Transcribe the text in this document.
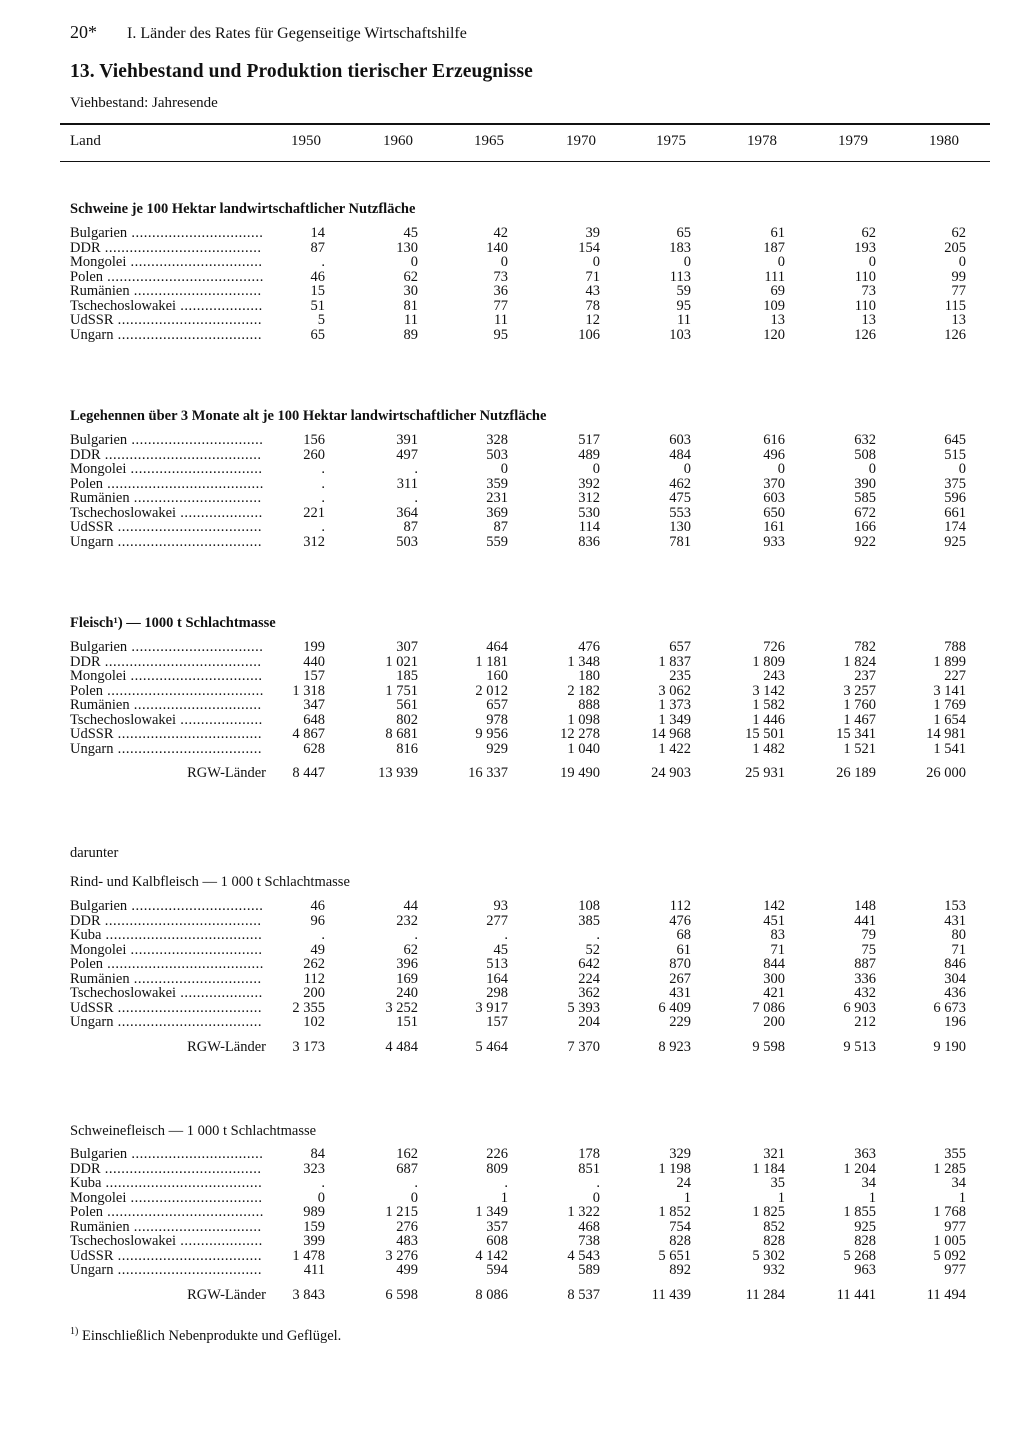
20* I. Länder des Rates für Gegenseitige Wirtschaftshilfe
13. Viehbestand und Produktion tierischer Erzeugnisse
Viehbestand: Jahresende
Land	1950	1960	1965	1970	1975	1978	1979	1980
Schweine je 100 Hektar landwirtschaftlicher Nutzfläche
Bulgarien ................................	14	45	42	39	65	61	62	62
DDR ......................................	87	130	140	154	183	187	193	205
Mongolei ................................	.	0	0	0	0	0	0	0
Polen ......................................	46	62	73	71	113	111	110	99
Rumänien ...............................	15	30	36	43	59	69	73	77
Tschechoslowakei ....................	51	81	77	78	95	109	110	115
UdSSR ...................................	5	11	11	12	11	13	13	13
Ungarn ...................................	65	89	95	106	103	120	126	126
Legehennen über 3 Monate alt je 100 Hektar landwirtschaftlicher Nutzfläche
Bulgarien ................................	156	391	328	517	603	616	632	645
DDR ......................................	260	497	503	489	484	496	508	515
Mongolei ................................	.	.	0	0	0	0	0	0
Polen ......................................	.	311	359	392	462	370	390	375
Rumänien ...............................	.	.	231	312	475	603	585	596
Tschechoslowakei ....................	221	364	369	530	553	650	672	661
UdSSR ...................................	.	87	87	114	130	161	166	174
Ungarn ...................................	312	503	559	836	781	933	922	925
Fleisch¹) — 1000 t Schlachtmasse
Bulgarien ................................	199	307	464	476	657	726	782	788
DDR ......................................	440	1 021	1 181	1 348	1 837	1 809	1 824	1 899
Mongolei ................................	157	185	160	180	235	243	237	227
Polen ......................................	1 318	1 751	2 012	2 182	3 062	3 142	3 257	3 141
Rumänien ...............................	347	561	657	888	1 373	1 582	1 760	1 769
Tschechoslowakei ....................	648	802	978	1 098	1 349	1 446	1 467	1 654
UdSSR ...................................	4 867	8 681	9 956	12 278	14 968	15 501	15 341	14 981
Ungarn ...................................	628	816	929	1 040	1 422	1 482	1 521	1 541
RGW-Länder	8 447	13 939	16 337	19 490	24 903	25 931	26 189	26 000
darunter
Rind- und Kalbfleisch — 1 000 t Schlachtmasse
Bulgarien ................................	46	44	93	108	112	142	148	153
DDR ......................................	96	232	277	385	476	451	441	431
Kuba ......................................	.	.	.	.	68	83	79	80
Mongolei ................................	49	62	45	52	61	71	75	71
Polen ......................................	262	396	513	642	870	844	887	846
Rumänien ...............................	112	169	164	224	267	300	336	304
Tschechoslowakei ....................	200	240	298	362	431	421	432	436
UdSSR ...................................	2 355	3 252	3 917	5 393	6 409	7 086	6 903	6 673
Ungarn ...................................	102	151	157	204	229	200	212	196
RGW-Länder	3 173	4 484	5 464	7 370	8 923	9 598	9 513	9 190
Schweinefleisch — 1 000 t Schlachtmasse
Bulgarien ................................	84	162	226	178	329	321	363	355
DDR ......................................	323	687	809	851	1 198	1 184	1 204	1 285
Kuba ......................................	.	.	.	.	24	35	34	34
Mongolei ................................	0	0	1	0	1	1	1	1
Polen ......................................	989	1 215	1 349	1 322	1 852	1 825	1 855	1 768
Rumänien ...............................	159	276	357	468	754	852	925	977
Tschechoslowakei ....................	399	483	608	738	828	828	828	1 005
UdSSR ...................................	1 478	3 276	4 142	4 543	5 651	5 302	5 268	5 092
Ungarn ...................................	411	499	594	589	892	932	963	977
RGW-Länder	3 843	6 598	8 086	8 537	11 439	11 284	11 441	11 494
$^{1)}$ Einschließlich Nebenprodukte und Geflügel.
